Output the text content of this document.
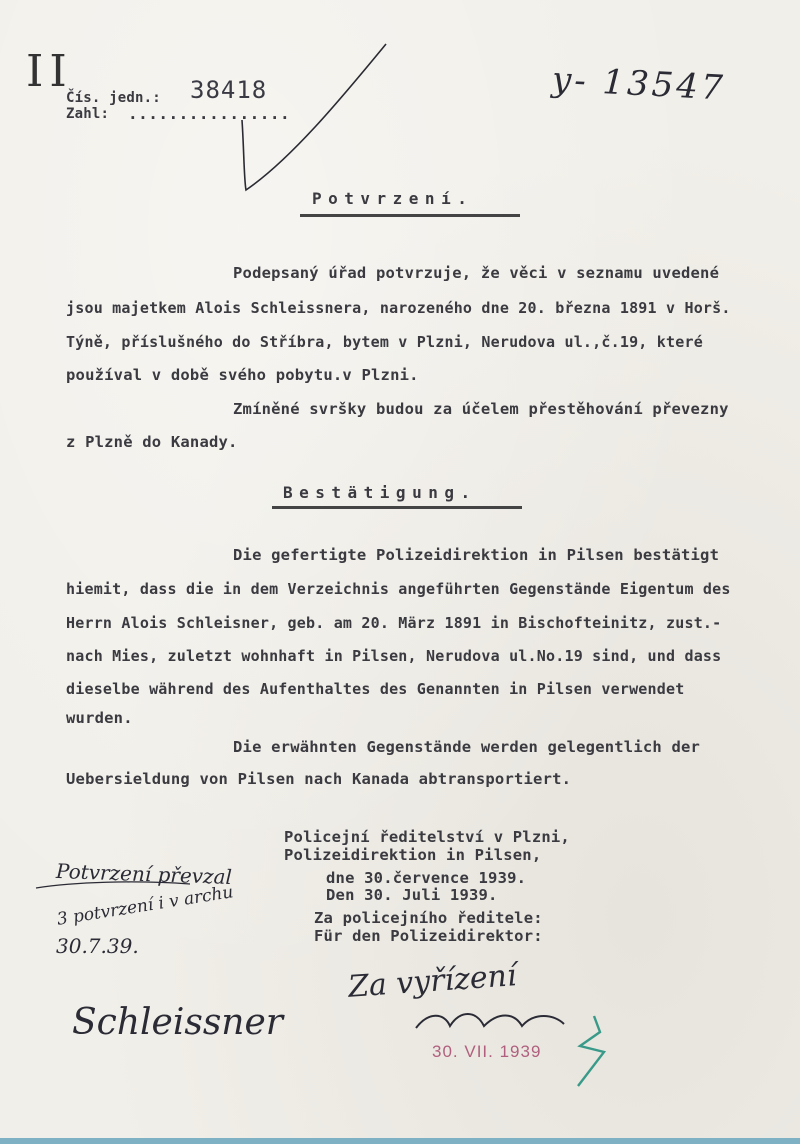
II
Čís. jedn.: 38418
Zahl: ................
y- 13547
Potvrzení.
Podepsaný úřad potvrzuje, že věci v seznamu uvedené
jsou majetkem Alois Schleissnera, narozeného dne 20. března 1891 v Horš.
Týně, příslušného do Stříbra, bytem v Plzni, Nerudova ul.,č.19, které
používal v době svého pobytu.v Plzni.
Zmíněné svršky budou za účelem přestěhování převezny
z Plzně do Kanady.
Bestätigung.
Die gefertigte Polizeidirektion in Pilsen bestätigt
hiemit, dass die in dem Verzeichnis angeführten Gegenstände Eigentum des
Herrn Alois Schleisner, geb. am 20. März 1891 in Bischofteinitz, zust.-
nach Mies, zuletzt wohnhaft in Pilsen, Nerudova ul.No.19 sind, und dass
dieselbe während des Aufenthaltes des Genannten in Pilsen verwendet
wurden.
Die erwähnten Gegenstände werden gelegentlich der
Uebersieldung von Pilsen nach Kanada abtransportiert.
Policejní ředitelství v Plzni,
Polizeidirektion in Pilsen,
dne 30.července 1939.
Den 30. Juli 1939.
Za policejního ředitele:
Für den Polizeidirektor:
Potvrzení převzal
3 potvrzení i v archu
30.7.39.
Schleissner
Za vyřízení
30. VII. 1939
